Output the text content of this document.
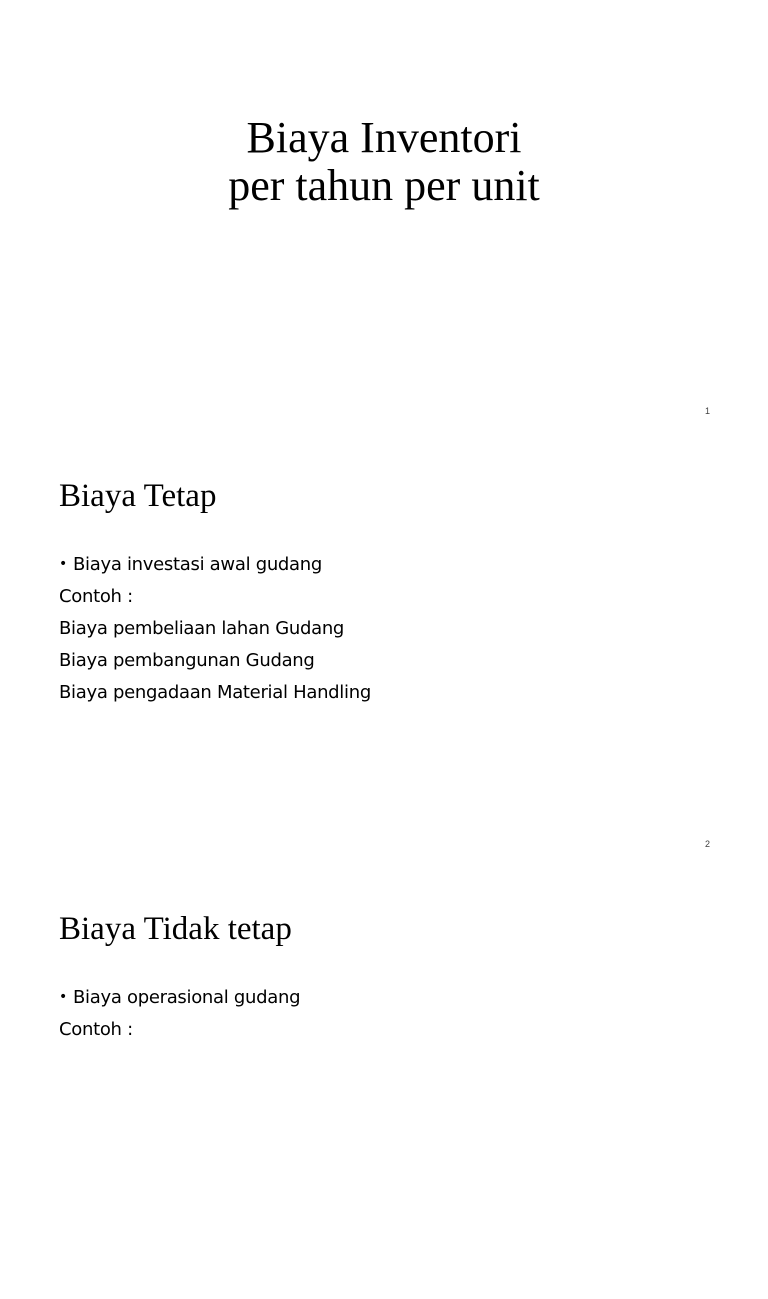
Biaya Inventori
per tahun per unit
1
Biaya Tetap
• Biaya investasi awal gudang
Contoh :
Biaya pembeliaan lahan Gudang
Biaya pembangunan Gudang
Biaya pengadaan Material Handling
2
Biaya Tidak tetap
• Biaya operasional gudang
Contoh :
